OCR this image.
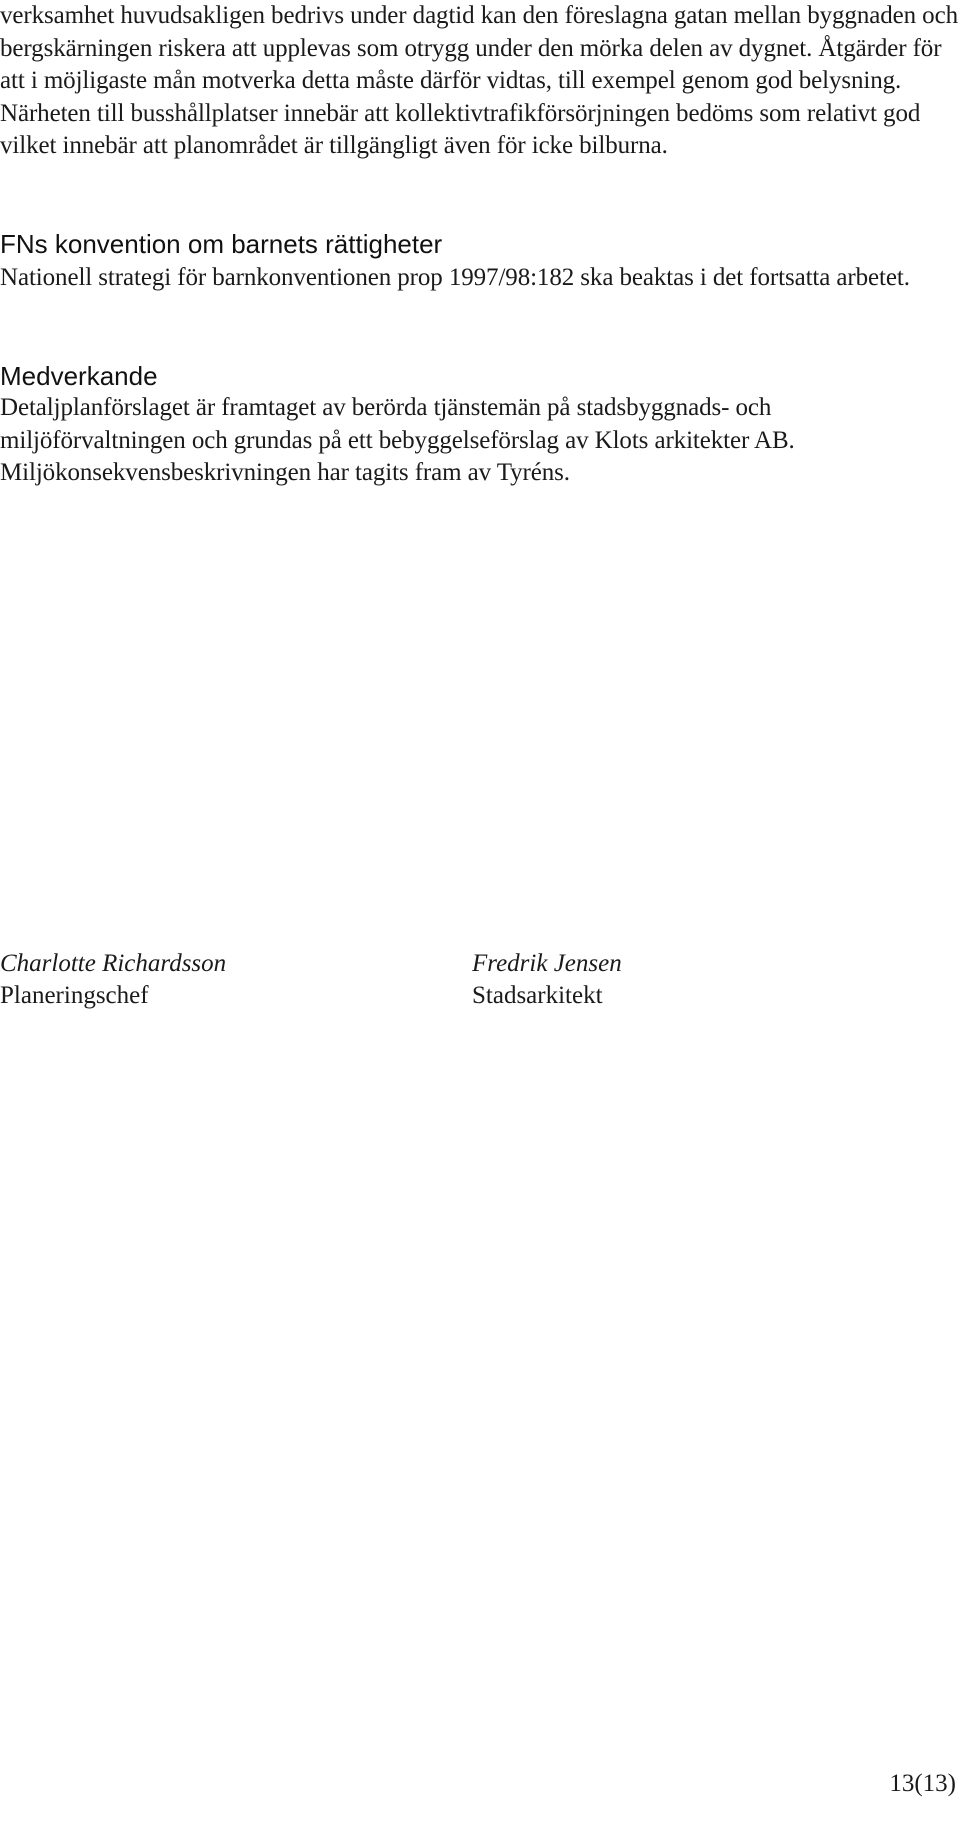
verksamhet huvudsakligen bedrivs under dagtid kan den föreslagna gatan mellan byggnaden och bergskärningen riskera att upplevas som otrygg under den mörka delen av dygnet. Åtgärder för att i möjligaste mån motverka detta måste därför vidtas, till exempel genom god belysning. Närheten till busshållplatser innebär att kollektivtrafikförsörjningen bedöms som relativt god vilket innebär att planområdet är tillgängligt även för icke bilburna.

FNs konvention om barnets rättigheter

Nationell strategi för barnkonventionen prop 1997/98:182 ska beaktas i det fortsatta arbetet.

Medverkande

Detaljplanförslaget är framtaget av berörda tjänstemän på stadsbyggnads- och miljöförvaltningen och grundas på ett bebyggelseförslag av Klots arkitekter AB. Miljökonsekvensbeskrivningen har tagits fram av Tyréns.

Charlotte Richardsson
Planeringschef
Fredrik Jensen
Stadsarkitekt
13(13)
